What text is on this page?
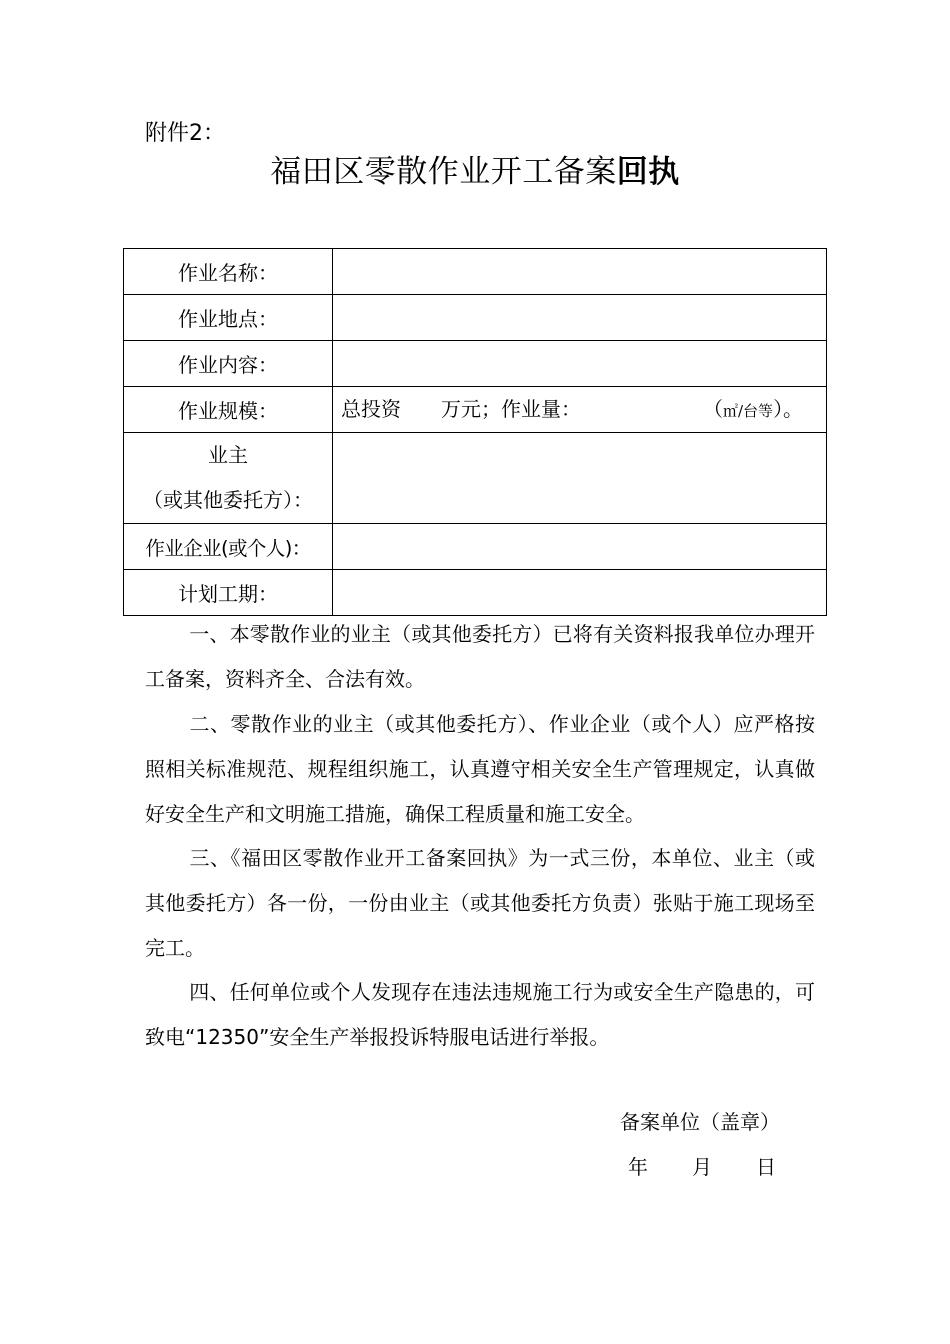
附件2：
福田区零散作业开工备案回执
作业名称：	
作业地点：	
作业内容：	
作业规模：	总投资　　万元；作业量： （㎡/台等）。

业主
（或其他委托方）：	

作业企业(或个人)：	
计划工期：	
一、本零散作业的业主（或其他委托方）已将有关资料报我单位办理开工备案，资料齐全、合法有效。
二、零散作业的业主（或其他委托方）、作业企业（或个人）应严格按照相关标准规范、规程组织施工，认真遵守相关安全生产管理规定，认真做好安全生产和文明施工措施，确保工程质量和施工安全。
三、《福田区零散作业开工备案回执》为一式三份，本单位、业主（或其他委托方）各一份，一份由业主（或其他委托方负责）张贴于施工现场至完工。
四、任何单位或个人发现存在违法违规施工行为或安全生产隐患的，可致电“12350”安全生产举报投诉特服电话进行举报。
备案单位（盖章）
年 月 日
